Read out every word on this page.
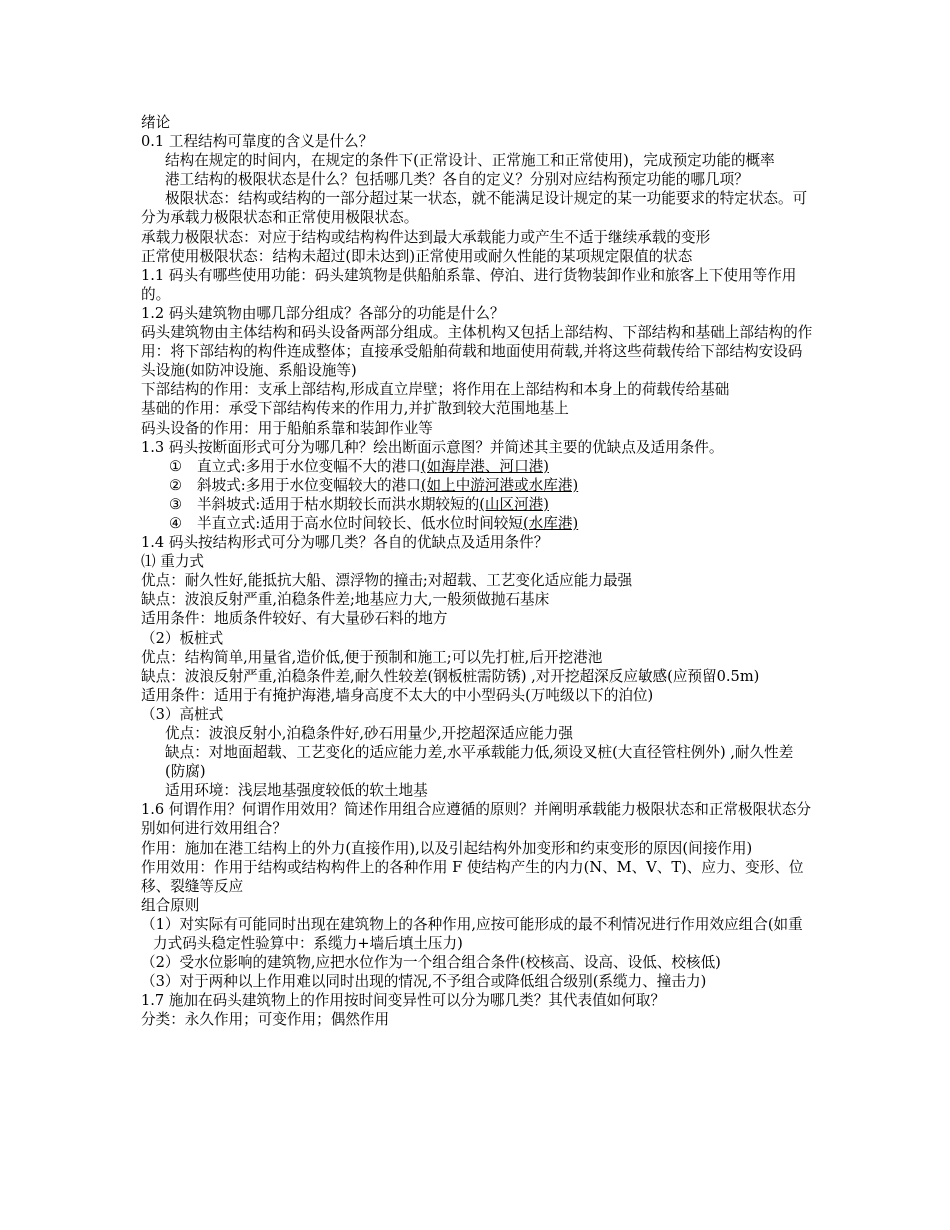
绪论

0.1 工程结构可靠度的含义是什么？

结构在规定的时间内，在规定的条件下(正常设计、正常施工和正常使用)，完成预定功能的概率

港工结构的极限状态是什么？包括哪几类？各自的定义？分别对应结构预定功能的哪几项？

极限状态：结构或结构的一部分超过某一状态，就不能满足设计规定的某一功能要求的特定状态。可分为承载力极限状态和正常使用极限状态。

承载力极限状态：对应于结构或结构构件达到最大承载能力或产生不适于继续承载的变形

正常使用极限状态：结构未超过(即未达到)正常使用或耐久性能的某项规定限值的状态

1.1 码头有哪些使用功能：码头建筑物是供船舶系靠、停泊、进行货物装卸作业和旅客上下使用等作用的。

1.2 码头建筑物由哪几部分组成？各部分的功能是什么？

码头建筑物由主体结构和码头设备两部分组成。主体机构又包括上部结构、下部结构和基础上部结构的作用：将下部结构的构件连成整体；直接承受船舶荷载和地面使用荷载,并将这些荷载传给下部结构安设码头设施(如防冲设施、系船设施等)

下部结构的作用：支承上部结构,形成直立岸壁；将作用在上部结构和本身上的荷载传给基础

基础的作用：承受下部结构传来的作用力,并扩散到较大范围地基上

码头设备的作用：用于船舶系靠和装卸作业等

1.3 码头按断面形式可分为哪几种？绘出断面示意图？并简述其主要的优缺点及适用条件。

① 直立式:多用于水位变幅不大的港口(如海岸港、河口港)

② 斜坡式:多用于水位变幅较大的港口(如上中游河港或水库港)

③ 半斜坡式:适用于枯水期较长而洪水期较短的(山区河港)

④ 半直立式:适用于高水位时间较长、低水位时间较短(水库港)

1.4 码头按结构形式可分为哪几类？各自的优缺点及适用条件？

⑴ 重力式

优点：耐久性好,能抵抗大船、漂浮物的撞击;对超载、工艺变化适应能力最强

缺点：波浪反射严重,泊稳条件差;地基应力大,一般须做抛石基床

适用条件：地质条件较好、有大量砂石料的地方

（2）板桩式

优点：结构简单,用量省,造价低,便于预制和施工;可以先打桩,后开挖港池

缺点：波浪反射严重,泊稳条件差,耐久性较差(钢板桩需防锈) ,对开挖超深反应敏感(应预留0.5m)

适用条件：适用于有掩护海港,墙身高度不太大的中小型码头(万吨级以下的泊位)

（3）高桩式

优点：波浪反射小,泊稳条件好,砂石用量少,开挖超深适应能力强

缺点：对地面超载、工艺变化的适应能力差,水平承载能力低,须设叉桩(大直径管柱例外) ,耐久性差(防腐)

适用环境：浅层地基强度较低的软土地基

1.6 何谓作用？何谓作用效用？简述作用组合应遵循的原则？并阐明承载能力极限状态和正常极限状态分别如何进行效用组合？

作用：施加在港工结构上的外力(直接作用),以及引起结构外加变形和约束变形的原因(间接作用)

作用效用：作用于结构或结构构件上的各种作用 F 使结构产生的内力(N、M、V、T)、应力、变形、位移、裂缝等反应

组合原则

（1）对实际有可能同时出现在建筑物上的各种作用,应按可能形成的最不利情况进行作用效应组合(如重力式码头稳定性验算中：系缆力+墙后填土压力)

（2）受水位影响的建筑物,应把水位作为一个组合组合条件(校核高、设高、设低、校核低)

（3）对于两种以上作用难以同时出现的情况,不予组合或降低组合级别(系缆力、撞击力)

1.7 施加在码头建筑物上的作用按时间变异性可以分为哪几类？其代表值如何取？

分类：永久作用；可变作用；偶然作用
